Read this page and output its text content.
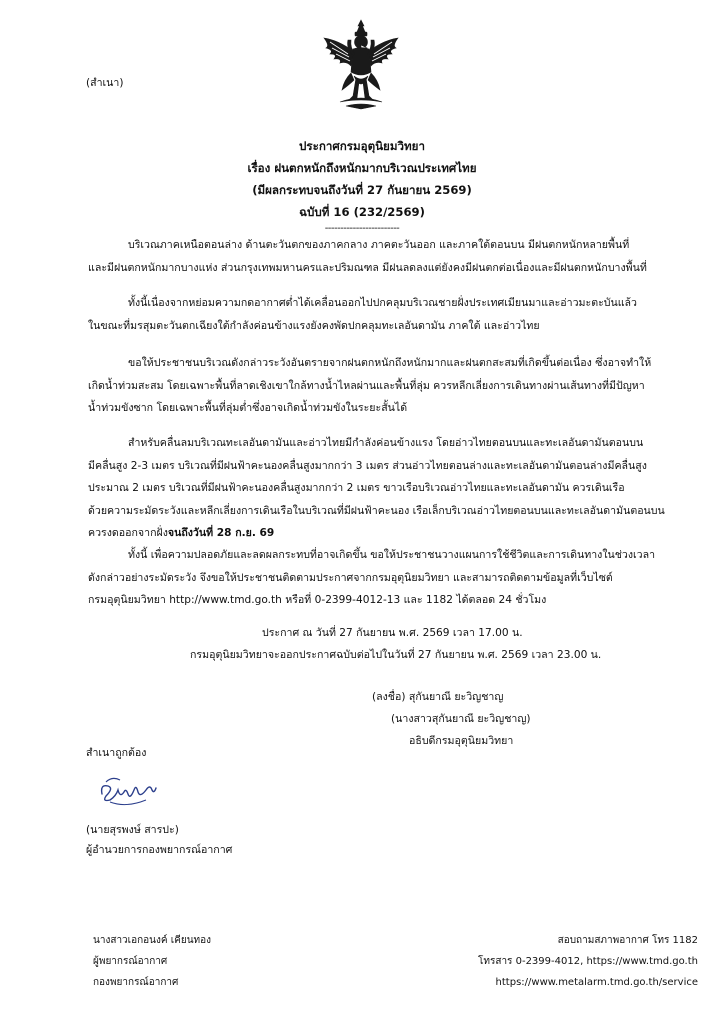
(สำเนา)
ประกาศกรมอุตุนิยมวิทยา
เรื่อง ฝนตกหนักถึงหนักมากบริเวณประเทศไทย
(มีผลกระทบจนถึงวันที่ 27 กันยายน 2569)
ฉบับที่ 16 (232/2569)
------------------------
บริเวณภาคเหนือตอนล่าง ด้านตะวันตกของภาคกลาง ภาคตะวันออก และภาคใต้ตอนบน มีฝนตกหนักหลายพื้นที่
และมีฝนตกหนักมากบางแห่ง ส่วนกรุงเทพมหานครและปริมณฑล มีฝนลดลงแต่ยังคงมีฝนตกต่อเนื่องและมีฝนตกหนักบางพื้นที่
ทั้งนี้เนื่องจากหย่อมความกดอากาศต่ำได้เคลื่อนออกไปปกคลุมบริเวณชายฝั่งประเทศเมียนมาและอ่าวมะตะบันแล้ว
ในขณะที่มรสุมตะวันตกเฉียงใต้กำลังค่อนข้างแรงยังคงพัดปกคลุมทะเลอันดามัน ภาคใต้ และอ่าวไทย
ขอให้ประชาชนบริเวณดังกล่าวระวังอันตรายจากฝนตกหนักถึงหนักมากและฝนตกสะสมที่เกิดขึ้นต่อเนื่อง ซึ่งอาจทำให้
เกิดน้ำท่วมสะสม โดยเฉพาะพื้นที่ลาดเชิงเขาใกล้ทางน้ำไหลผ่านและพื้นที่ลุ่ม ควรหลีกเลี่ยงการเดินทางผ่านเส้นทางที่มีปัญหา
น้ำท่วมขังซาก โดยเฉพาะพื้นที่ลุ่มต่ำซึ่งอาจเกิดน้ำท่วมขังในระยะสั้นได้
สำหรับคลื่นลมบริเวณทะเลอันดามันและอ่าวไทยมีกำลังค่อนข้างแรง โดยอ่าวไทยตอนบนและทะเลอันดามันตอนบน
มีคลื่นสูง 2-3 เมตร บริเวณที่มีฝนฟ้าคะนองคลื่นสูงมากกว่า 3 เมตร ส่วนอ่าวไทยตอนล่างและทะเลอันดามันตอนล่างมีคลื่นสูง
ประมาณ 2 เมตร บริเวณที่มีฝนฟ้าคะนองคลื่นสูงมากกว่า 2 เมตร ขาวเรือบริเวณอ่าวไทยและทะเลอันดามัน ควรเดินเรือ
ด้วยความระมัดระวังและหลีกเลี่ยงการเดินเรือในบริเวณที่มีฝนฟ้าคะนอง เรือเล็กบริเวณอ่าวไทยตอนบนและทะเลอันดามันตอนบน
ควรงดออกจากฝั่งจนถึงวันที่ 28 ก.ย. 69
ทั้งนี้ เพื่อความปลอดภัยและลดผลกระทบที่อาจเกิดขึ้น ขอให้ประชาชนวางแผนการใช้ชีวิตและการเดินทางในช่วงเวลา
ดังกล่าวอย่างระมัดระวัง จึงขอให้ประชาชนติดตามประกาศจากกรมอุตุนิยมวิทยา และสามารถติดตามข้อมูลที่เว็บไซต์
กรมอุตุนิยมวิทยา http://www.tmd.go.th หรือที่ 0-2399-4012-13 และ 1182 ได้ตลอด 24 ชั่วโมง
ประกาศ ณ วันที่ 27 กันยายน พ.ศ. 2569 เวลา 17.00 น.
กรมอุตุนิยมวิทยาจะออกประกาศฉบับต่อไปในวันที่ 27 กันยายน พ.ศ. 2569 เวลา 23.00 น.
(ลงชื่อ) สุกันยาณี ยะวิญชาญ
(นางสาวสุกันยาณี ยะวิญชาญ)
อธิบดีกรมอุตุนิยมวิทยา
สำเนาถูกต้อง
(นายสุรพงษ์ สารปะ)
ผู้อำนวยการกองพยากรณ์อากาศ
นางสาวเอกอนงค์ เคียนทอง
ผู้พยากรณ์อากาศ
กองพยากรณ์อากาศ
สอบถามสภาพอากาศ โทร 1182
โทรสาร 0-2399-4012, https://www.tmd.go.th
https://www.metalarm.tmd.go.th/service
